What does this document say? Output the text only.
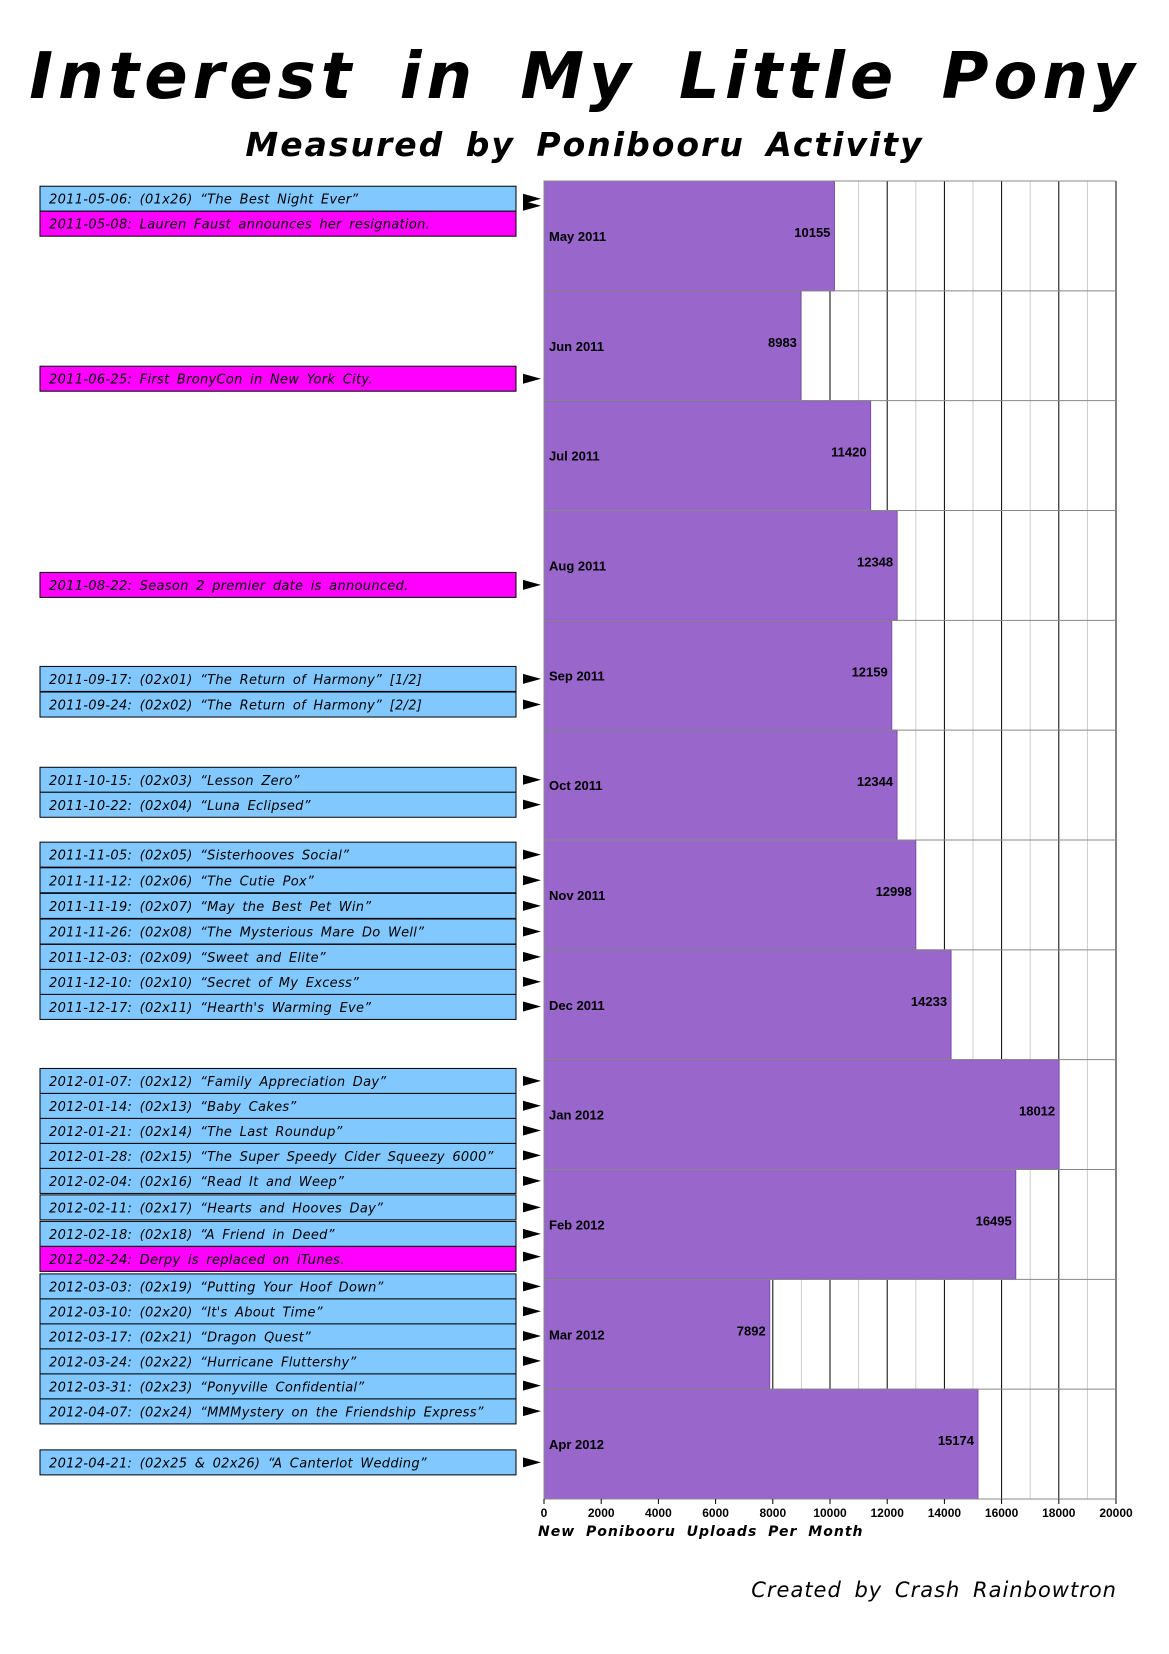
Interest in My Little Pony
Measured by Ponibooru Activity
May 2011	10155
Jun 2011	8983
Jul 2011	11420
Aug 2011	12348
Sep 2011	12159
Oct 2011	12344
Nov 2011	12998
Dec 2011	14233
Jan 2012	18012
Feb 2012	16495
Mar 2012	7892
Apr 2012	15174
0	2000	4000	6000	8000 10000 12000 14000 16000 18000 20000
2011-05-06: (01x26) “The Best Night Ever”
2011-05-08: Lauren Faust announces her resignation.
2011-06-25: First BronyCon in New York City.
2011-08-22: Season 2 premier date is announced.
2011-09-17: (02x01) “The Return of Harmony” [1/2]
2011-09-24: (02x02) “The Return of Harmony” [2/2]
2011-10-15: (02x03) “Lesson Zero”
2011-10-22: (02x04) “Luna Eclipsed”
2011-11-05: (02x05) “Sisterhooves Social”
2011-11-12: (02x06) “The Cutie Pox”
2011-11-19: (02x07) “May the Best Pet Win”
2011-11-26: (02x08) “The Mysterious Mare Do Well”
2011-12-03: (02x09) “Sweet and Elite”
2011-12-10: (02x10) “Secret of My Excess”
2011-12-17: (02x11) “Hearth's Warming Eve”
2012-01-07: (02x12) “Family Appreciation Day”
2012-01-14: (02x13) “Baby Cakes”
2012-01-21: (02x14) “The Last Roundup”
2012-01-28: (02x15) “The Super Speedy Cider Squeezy 6000”
2012-02-04: (02x16) “Read It and Weep”
2012-02-11: (02x17) “Hearts and Hooves Day”
2012-02-18: (02x18) “A Friend in Deed”
2012-02-24: Derpy is replaced on iTunes.
2012-03-03: (02x19) “Putting Your Hoof Down”
2012-03-10: (02x20) “It's About Time”
2012-03-17: (02x21) “Dragon Quest”
2012-03-24: (02x22) “Hurricane Fluttershy”
2012-03-31: (02x23) “Ponyville Confidential”
2012-04-07: (02x24) “MMMystery on the Friendship Express”
2012-04-21: (02x25 & 02x26) “A Canterlot Wedding”
New Ponibooru Uploads Per Month
Created by Crash Rainbowtron
